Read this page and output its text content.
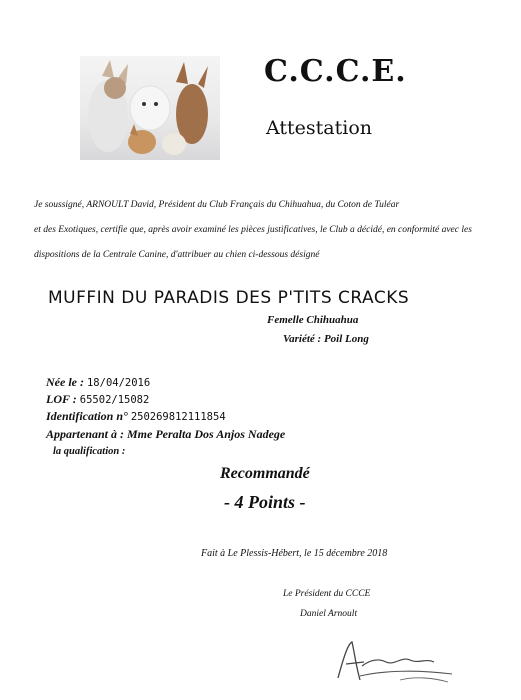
C.C.C.E.
Attestation
Je soussigné, ARNOULT David, Président du Club Français du Chihuahua, du Coton de Tuléar
et des Exotiques, certifie que, après avoir examiné les pièces justificatives, le Club a décidé, en conformité avec les
dispositions de la Centrale Canine, d'attribuer au chien ci-dessous désigné
MUFFIN DU PARADIS DES P'TITS CRACKS
Femelle Chihuahua
Variété : Poil Long
Née le : 18/04/2016
LOF : 65502/15082
Identification n° 250269812111854
Appartenant à : Mme Peralta Dos Anjos Nadege
la qualification :
Recommandé
- 4 Points -
Fait à Le Plessis-Hébert, le 15 décembre 2018
Le Président du CCCE
Daniel Arnoult
